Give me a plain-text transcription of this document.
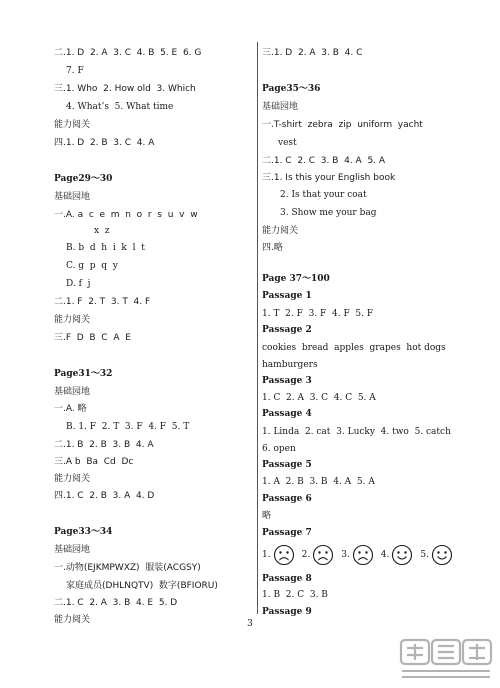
二.1. D  2. A  3. C  4. B  5. E  6. G
7. F
三.1. Who  2. How old  3. Which
4. What’s  5. What time
能力阅关
四.1. D  2. B  3. C  4. A
Page29～30
基础园地
一.A. a  c  e  m  n  o  r  s  u  v  w
x  z
B. b  d  h  i  k  l  t
C. g  p  q  y
D. f  j
二.1. F  2. T  3. T  4. F
能力阅关
三.F  D  B  C  A  E
Page31～32
基础园地
一.A. 略
B. 1. F  2. T  3. F  4. F  5. T
二.1. B  2. B  3. B  4. A
三.A b  Ba  Cd  Dc
能力阅关
四.1. C  2. B  3. A  4. D
Page33～34
基础园地
一.动物(EJKMPWXZ)  服装(ACGSY)
家庭成员(DHLNQTV)  数字(BFIORU)
二.1. C  2. A  3. B  4. E  5. D
能力阅关
三.1. D  2. A  3. B  4. C
Page35～36
基础园地
一.T-shirt  zebra  zip  uniform  yacht
vest
二.1. C  2. C  3. B  4. A  5. A
三.1. Is this your English book
2. Is that your coat
3. Show me your bag
能力阅关
四.略
Page 37～100
Passage 1
1. T  2. F  3. F  4. F  5. F
Passage 2
cookies  bread  apples  grapes  hot dogs
hamburgers
Passage 3
1. C  2. A  3. C  4. C  5. A
Passage 4
1. Linda  2. cat  3. Lucky  4. two  5. catch
6. open
Passage 5
1. A  2. B  3. B  4. A  5. A
Passage 6
略
Passage 7
1.	2.	3.	4.	5.
Passage 8
1. B  2. C  3. B
Passage 9
3
